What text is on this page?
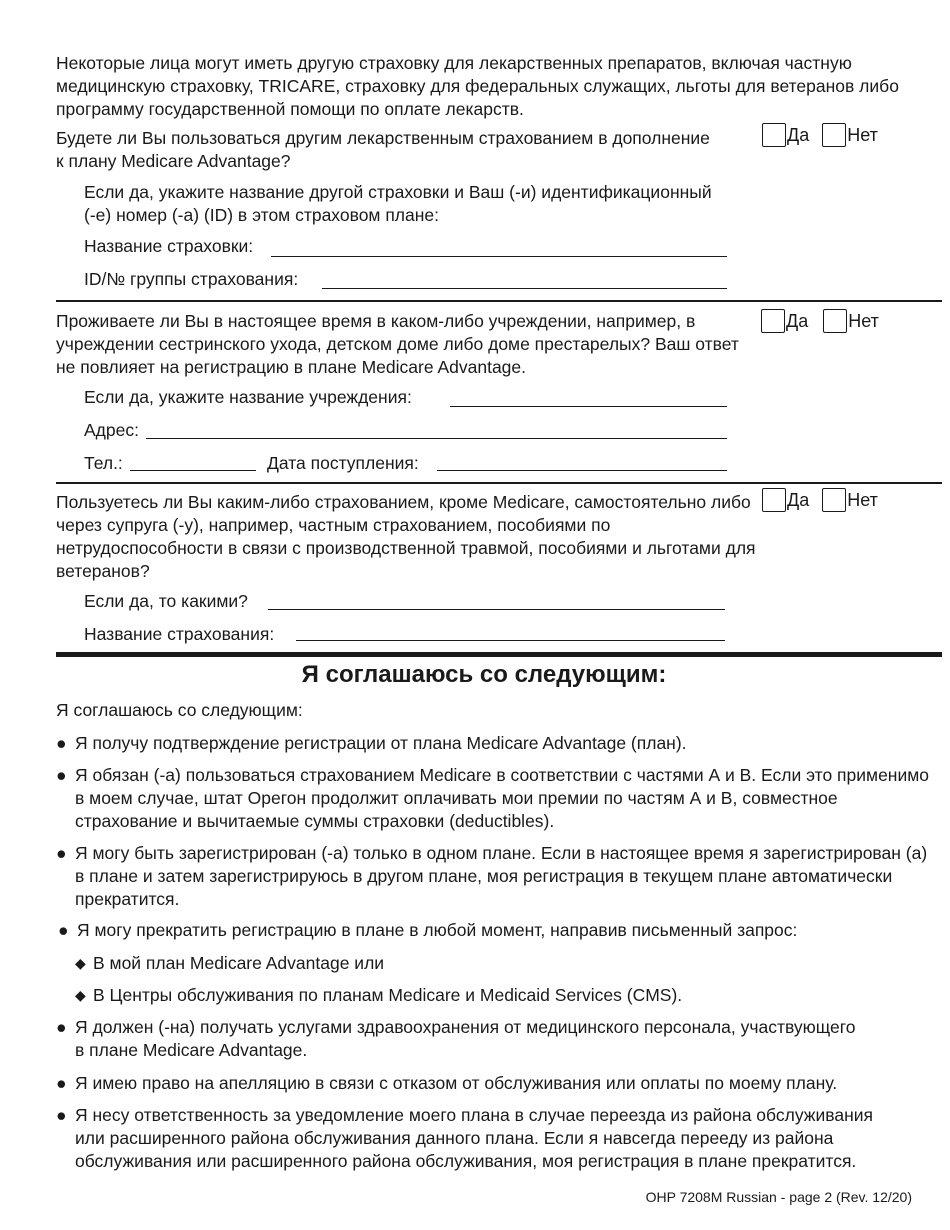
Некоторые лица могут иметь другую страховку для лекарственных препаратов, включая частную медицинскую страховку, TRICARE, страховку для федеральных служащих, льготы для ветеранов либо программу государственной помощи по оплате лекарств.

Будете ли Вы пользоваться другим лекарственным страхованием в дополнение к плану Medicare Advantage?

Да Нет

Если да, укажите название другой страховки и Ваш (-и) идентификационный (-е) номер (-а) (ID) в этом страховом плане:

Название страховки:
ID/№ группы страхования:

Проживаете ли Вы в настоящее время в каком-либо учреждении, например, в учреждении сестринского ухода, детском доме либо доме престарелых? Ваш ответ не повлияет на регистрацию в плане Medicare Advantage.

Да Нет
Если да, укажите название учреждения:
Адрес:
Тел.:	Дата поступления:

Пользуетесь ли Вы каким-либо страхованием, кроме Medicare, самостоятельно либо через супруга (-у), например, частным страхованием, пособиями по нетрудоспособности в связи с производственной травмой, пособиями и льготами для ветеранов?

Да Нет
Если да, то какими?
Название страхования:
Я соглашаюсь со следующим:

Я соглашаюсь со следующим:

● Я получу подтверждение регистрации от плана Medicare Advantage (план).
● Я обязан (-а) пользоваться страхованием Medicare в соответствии с частями А и В. Если это применимо в моем случае, штат Орегон продолжит оплачивать мои премии по частям А и В, совместное страхование и вычитаемые суммы страховки (deductibles).
● Я могу быть зарегистрирован (-а) только в одном плане. Если в настоящее время я зарегистрирован (а) в плане и затем зарегистрируюсь в другом плане, моя регистрация в текущем плане автоматически прекратится.
● Я могу прекратить регистрацию в плане в любой момент, направив письменный запрос:
◆ В мой план Medicare Advantage или
◆ В Центры обслуживания по планам Medicare и Medicaid Services (CMS).
● Я должен (-на) получать услугами здравоохранения от медицинского персонала, участвующего в плане Medicare Advantage.
● Я имею право на апелляцию в связи с отказом от обслуживания или оплаты по моему плану.
● Я несу ответственность за уведомление моего плана в случае переезда из района обслуживания или расширенного района обслуживания данного плана. Если я навсегда перееду из района обслуживания или расширенного района обслуживания, моя регистрация в плане прекратится.
OHP 7208M Russian - page 2 (Rev. 12/20)
